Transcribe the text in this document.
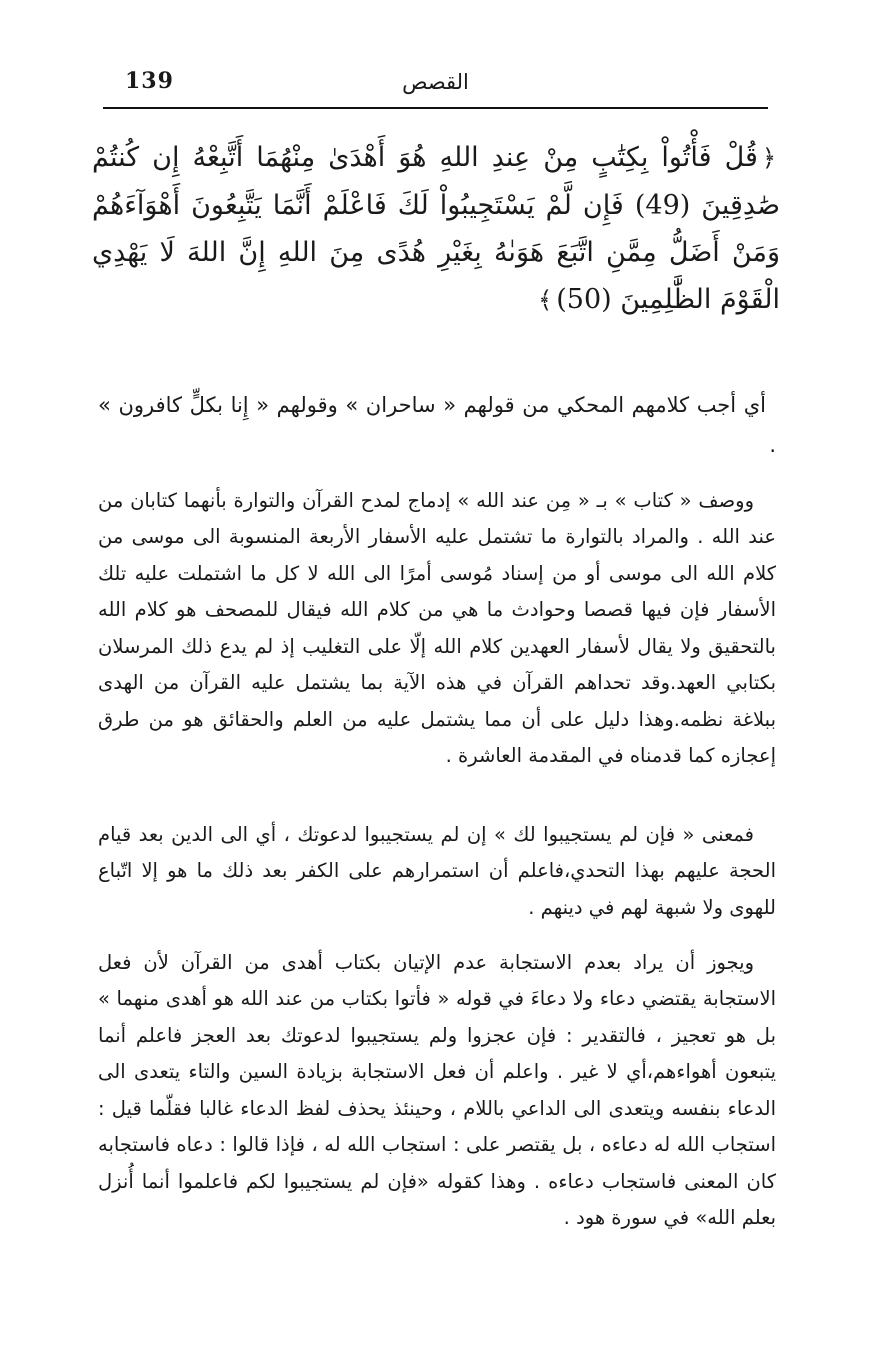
139	القصص
﴿قُلْ فَأْتُواْ بِكِتَٰبٍ مِنْ عِندِ اللهِ هُوَ أَهْدَىٰ مِنْهُمَا أَتَّبِعْهُ إِن كُنتُمْ صَٰدِقِينَ (49) فَإِن لَّمْ يَسْتَجِيبُواْ لَكَ فَاعْلَمْ أَنَّمَا يَتَّبِعُونَ أَهْوَآءَهُمْ وَمَنْ أَضَلُّ مِمَّنِ اتَّبَعَ هَوَىٰهُ بِغَيْرِ هُدًى مِنَ اللهِ إِنَّ اللهَ لَا يَهْدِي الْقَوْمَ الظَّٰلِمِينَ (50)﴾

أي أجب كلامهم المحكي من قولهم « ساحران » وقولهم « إِنا بكلٍّ كافرون » .

ووصف « كتاب » بـ « مِن عند الله » إدماج لمدح القرآن والتوارة بأنهما كتابان من عند الله . والمراد بالتوارة ما تشتمل عليه الأسفار الأربعة المنسوبة الى موسى من كلام الله الى موسى أو من إسناد مُوسى أمرًا الى الله لا كل ما اشتملت عليه تلك الأسفار فإن فيها قصصا وحوادث ما هي من كلام الله فيقال للمصحف هو كلام الله بالتحقيق ولا يقال لأسفار العهدين كلام الله إلّا على التغليب إذ لم يدع ذلك المرسلان بكتابي العهد.وقد تحداهم القرآن في هذه الآية بما يشتمل عليه القرآن من الهدى ببلاغة نظمه.وهذا دليل على أن مما يشتمل عليه من العلم والحقائق هو من طرق إعجازه كما قدمناه في المقدمة العاشرة .

فمعنى « فإن لم يستجيبوا لك » إن لم يستجيبوا لدعوتك ، أي الى الدين بعد قيام الحجة عليهم بهذا التحدي،فاعلم أن استمرارهم على الكفر بعد ذلك ما هو إلا اتّباع للهوى ولا شبهة لهم في دينهم .

ويجوز أن يراد بعدم الاستجابة عدم الإتيان بكتاب أهدى من القرآن لأن فعل الاستجابة يقتضي دعاء ولا دعاءَ في قوله « فأتوا بكتاب من عند الله هو أهدى منهما » بل هو تعجيز ، فالتقدير : فإن عجزوا ولم يستجيبوا لدعوتك بعد العجز فاعلم أنما يتبعون أهواءهم،أي لا غير . واعلم أن فعل الاستجابة بزيادة السين والتاء يتعدى الى الدعاء بنفسه ويتعدى الى الداعي باللام ، وحينئذ يحذف لفظ الدعاء غالبا فقلّما قيل : استجاب الله له دعاءه ، بل يقتصر على : استجاب الله له ، فإذا قالوا : دعاه فاستجابه كان المعنى فاستجاب دعاءه . وهذا كقوله «فإن لم يستجيبوا لكم فاعلموا أنما أُنزل بعلم الله» في سورة هود .
